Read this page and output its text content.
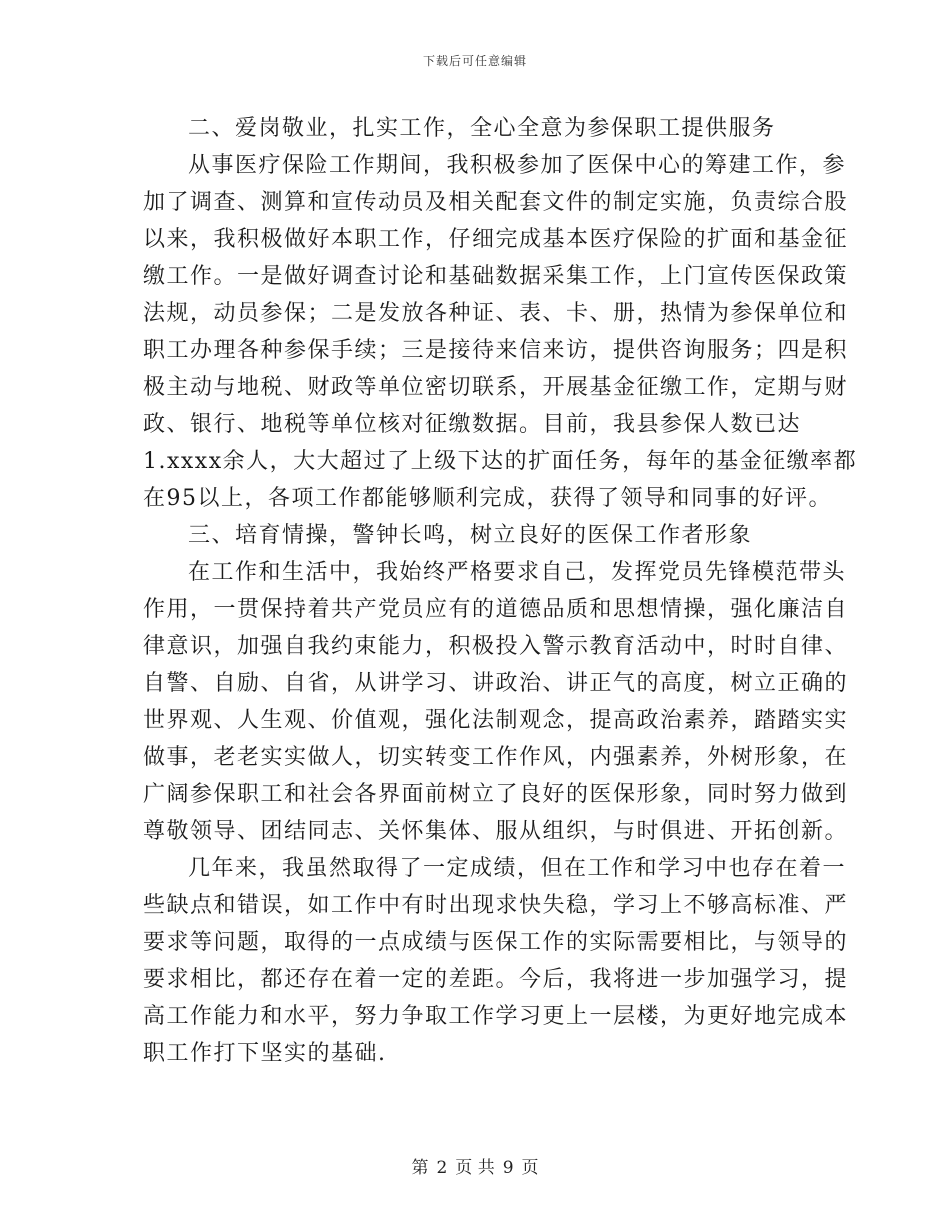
下载后可任意编辑
二、爱岗敬业，扎实工作，全心全意为参保职工提供服务
从事医疗保险工作期间，我积极参加了医保中心的筹建工作，参
加了调查、测算和宣传动员及相关配套文件的制定实施，负责综合股
以来，我积极做好本职工作，仔细完成基本医疗保险的扩面和基金征
缴工作。一是做好调查讨论和基础数据采集工作，上门宣传医保政策
法规，动员参保；二是发放各种证、表、卡、册，热情为参保单位和
职工办理各种参保手续；三是接待来信来访，提供咨询服务；四是积
极主动与地税、财政等单位密切联系，开展基金征缴工作，定期与财
政、银行、地税等单位核对征缴数据。目前，我县参保人数已达
1.xxxx余人，大大超过了上级下达的扩面任务，每年的基金征缴率都
在95以上，各项工作都能够顺利完成，获得了领导和同事的好评。
三、培育情操，警钟长鸣，树立良好的医保工作者形象
在工作和生活中，我始终严格要求自己，发挥党员先锋模范带头
作用，一贯保持着共产党员应有的道德品质和思想情操，强化廉洁自
律意识，加强自我约束能力，积极投入警示教育活动中，时时自律、
自警、自励、自省，从讲学习、讲政治、讲正气的高度，树立正确的
世界观、人生观、价值观，强化法制观念，提高政治素养，踏踏实实
做事，老老实实做人，切实转变工作作风，内强素养，外树形象，在
广阔参保职工和社会各界面前树立了良好的医保形象，同时努力做到
尊敬领导、团结同志、关怀集体、服从组织，与时俱进、开拓创新。
几年来，我虽然取得了一定成绩，但在工作和学习中也存在着一
些缺点和错误，如工作中有时出现求快失稳，学习上不够高标准、严
要求等问题，取得的一点成绩与医保工作的实际需要相比，与领导的
要求相比，都还存在着一定的差距。今后，我将进一步加强学习，提
高工作能力和水平，努力争取工作学习更上一层楼，为更好地完成本
职工作打下坚实的基础.
第 2 页 共 9 页
